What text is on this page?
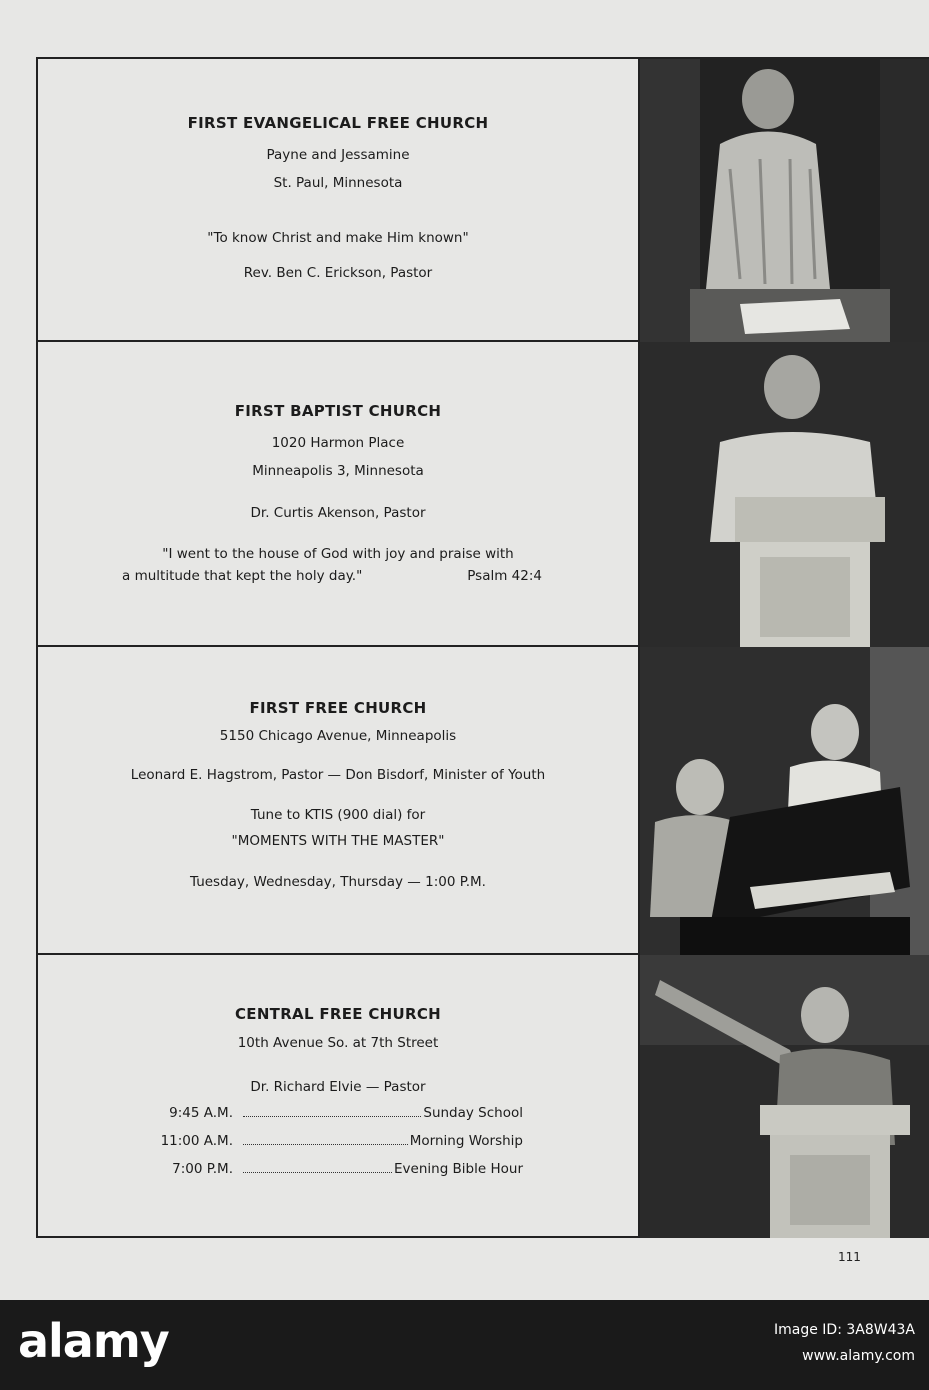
FIRST EVANGELICAL FREE CHURCH
Payne and Jessamine
St. Paul, Minnesota
"To know Christ and make Him known"
Rev. Ben C. Erickson, Pastor
FIRST BAPTIST CHURCH
1020 Harmon Place
Minneapolis 3, Minnesota
Dr. Curtis Akenson, Pastor
"I went to the house of God with joy and praise with
a multitude that kept the holy day."	Psalm 42:4
FIRST FREE CHURCH
5150 Chicago Avenue, Minneapolis
Leonard E. Hagstrom, Pastor — Don Bisdorf, Minister of Youth
Tune to KTIS (900 dial) for
"MOMENTS WITH THE MASTER"
Tuesday, Wednesday, Thursday — 1:00 P.M.
CENTRAL FREE CHURCH
10th Avenue So. at 7th Street
Dr. Richard Elvie — Pastor
9:45 A.M.	Sunday School
11:00 A.M.	Morning Worship
7:00 P.M.	Evening Bible Hour
111
alamy	Image ID: 3A8W43A
www.alamy.com
